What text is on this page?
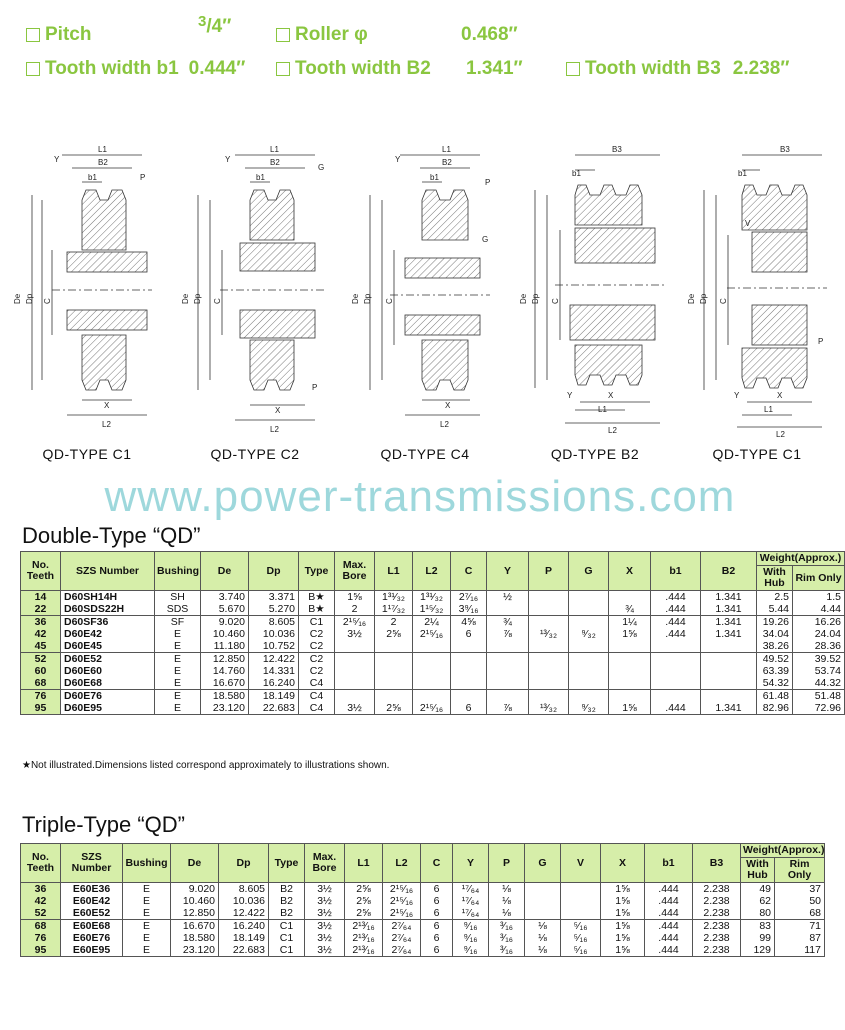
Pitch
3 /4″	Roller φ	0.468″
Tooth width b1 0.444″	Tooth width B2 1.341″	Tooth width B3 2.238″
L1
B2
b1
Y
P
De Dp C
X
L2
QD-TYPE C1
L1
B2
b1
Y
G
P
De Dp C
X
L2
QD-TYPE C2
L1
B2
b1
Y
P
G
De Dp C
X
L2
QD-TYPE C4
B3
b1
Y
De Dp C
X
L1
L2
QD-TYPE B2
B3
b1
V
P
Y
De Dp C
X
L1
L2
QD-TYPE C1
www.power-transmissions.com
Double-Type “QD”
No. Teeth	SZS Number	Bushing	De	Dp	Type	Max. Bore	L1	L2	C	Y	P	G	X	b1	B2	Weight(Approx.)	
																With Hub	Rim Only
14	D60SH14H	SH	3.740	3.371	B★	1⅝	1³¹⁄₃₂	1³¹⁄₃₂	2⁷⁄₁₆	½				.444	1.341	2.5	1.5
22	D60SDS22H	SDS	5.670	5.270	B★	2	1¹⁷⁄₃₂	1¹⁵⁄₃₂	3⁹⁄₁₆				¾	.444	1.341	5.44	4.44
36	D60SF36	SF	9.020	8.605	C1	2¹⁵⁄₁₆	2	2¼	4⅝	¾			1¼	.444	1.341	19.26	16.26
42	D60E42	E	10.460	10.036	C2	3½	2⅝	2¹⁵⁄₁₆	6	⅞	¹³⁄₃₂	⁹⁄₃₂	1⅝	.444	1.341	34.04	24.04
45	D60E45	E	11.180	10.752	C2											38.26	28.36
52	D60E52	E	12.850	12.422	C2											49.52	39.52
60	D60E60	E	14.760	14.331	C2											63.39	53.74
68	D60E68	E	16.670	16.240	C4											54.32	44.32
76	D60E76	E	18.580	18.149	C4											61.48	51.48
95	D60E95	E	23.120	22.683	C4	3½	2⅝	2¹⁵⁄₁₆	6	⅞	¹³⁄₃₂	⁹⁄₃₂	1⅝	.444	1.341	82.96	72.96
★Not illustrated.Dimensions listed correspond approximately to illustrations shown.
Triple-Type “QD”
No. Teeth	SZS Number	Bushing	De	Dp	Type	Max. Bore	L1	L2	C	Y	P	G	V	X	b1	B3	Weight(Approx.)	
																	With Hub	Rim Only
36	E60E36	E	9.020	8.605	B2	3½	2⅝	2¹⁵⁄₁₆	6	¹⁷⁄₆₄	⅛			1⅝	.444	2.238	49	37
42	E60E42	E	10.460	10.036	B2	3½	2⅝	2¹⁵⁄₁₆	6	¹⁷⁄₆₄	⅛			1⅝	.444	2.238	62	50
52	E60E52	E	12.850	12.422	B2	3½	2⅝	2¹⁵⁄₁₆	6	¹⁷⁄₆₄	⅛			1⅝	.444	2.238	80	68
68	E60E68	E	16.670	16.240	C1	3½	2¹³⁄₁₆	2⁷⁄₆₄	6	⁹⁄₁₆	³⁄₁₆	⅛	⁵⁄₁₆	1⅝	.444	2.238	83	71
76	E60E76	E	18.580	18.149	C1	3½	2¹³⁄₁₆	2⁷⁄₆₄	6	⁹⁄₁₆	³⁄₁₆	⅛	⁵⁄₁₆	1⅝	.444	2.238	99	87
95	E60E95	E	23.120	22.683	C1	3½	2¹³⁄₁₆	2⁷⁄₆₄	6	⁹⁄₁₆	³⁄₁₆	⅛	⁵⁄₁₆	1⅝	.444	2.238	129	117
